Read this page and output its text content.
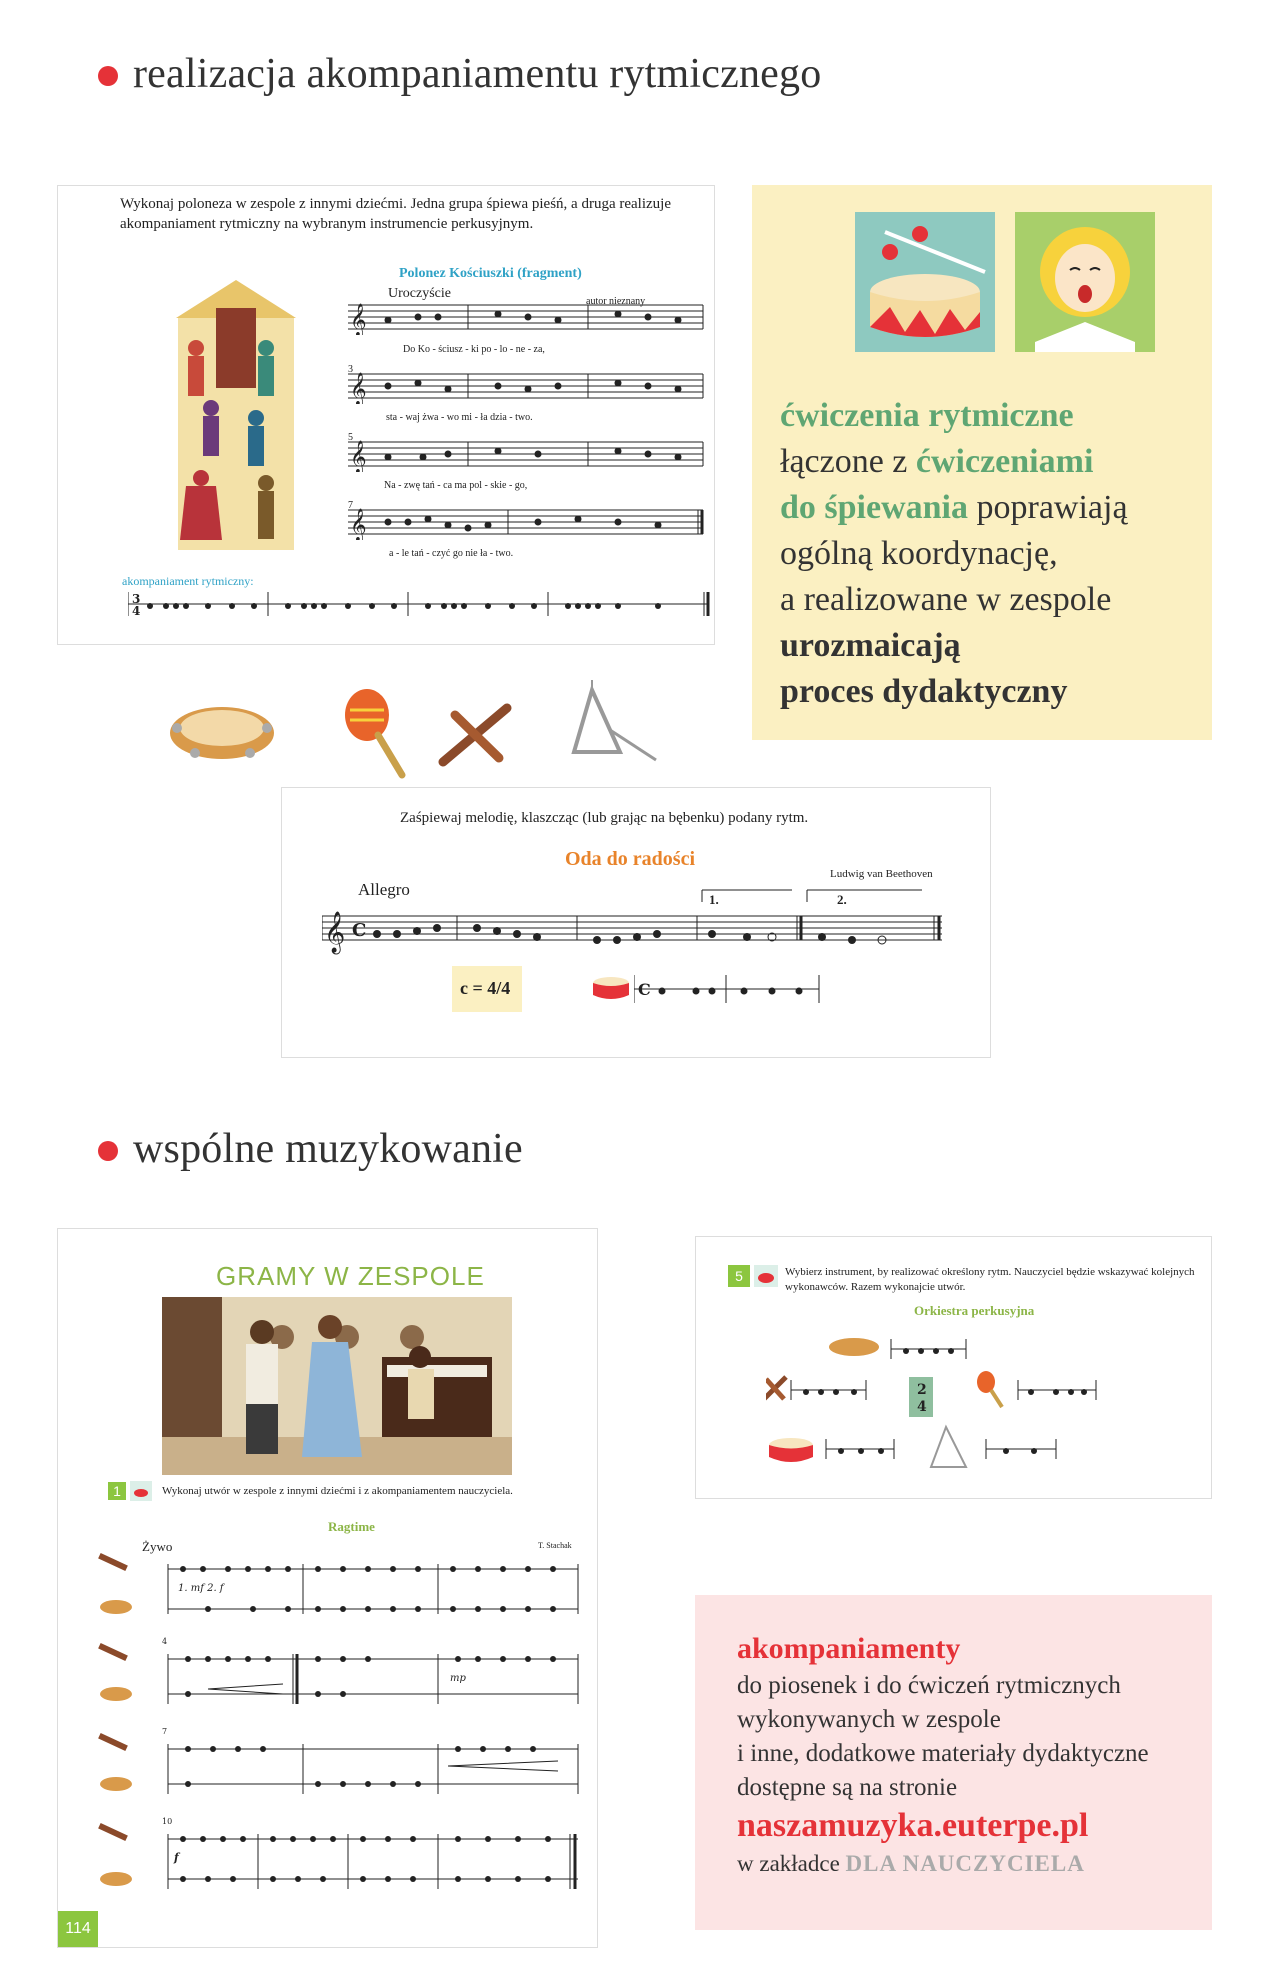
realizacja akompaniamentu rytmicznego
Wykonaj poloneza w zespole z innymi dziećmi. Jedna grupa śpiewa pieśń, a druga realizuje akompaniament rytmiczny na wybranym instrumencie perkusyjnym.
Polonez Kościuszki (fragment)
Uroczyście
autor nieznany
𝄞
Do Ko - ściusz - ki po - lo - ne - za,
3
𝄞
sta - waj żwa - wo mi - ła dzia - two.
5
𝄞
Na - zwę tań - ca ma pol - skie - go,
7
𝄞
a - le tań - czyć go nie ła - two.
akompaniament rytmiczny:
3
4
ćwiczenia rytmiczne
łączone z ćwiczeniami
do śpiewania poprawiają
ogólną koordynację,
a realizowane w zespole
urozmaicają
proces dydaktyczny
Zaśpiewaj melodię, klaszcząc (lub grając na bębenku) podany rytm.
Oda do radości
Ludwig van Beethoven
Allegro
1.	2.
𝄞 C
c = 4/4	C
wspólne muzykowanie
GRAMY W ZESPOLE
1	Wykonaj utwór w zespole z innymi dziećmi i z akompaniamentem nauczyciela.
Ragtime
Żywo	T. Stachak
4
7
10
1. mf 2. f
mp
f
114
5	Wybierz instrument, by realizować określony rytm. Nauczyciel będzie wskazywać kolejnych wykonawców. Razem wykonajcie utwór.
Orkiestra perkusyjna
2
4
akompaniamenty
do piosenek i do ćwiczeń rytmicznych
wykonywanych w zespole
i inne, dodatkowe materiały dydaktyczne
dostępne są na stronie
naszamuzyka.euterpe.pl
w zakładce DLA NAUCZYCIELA
